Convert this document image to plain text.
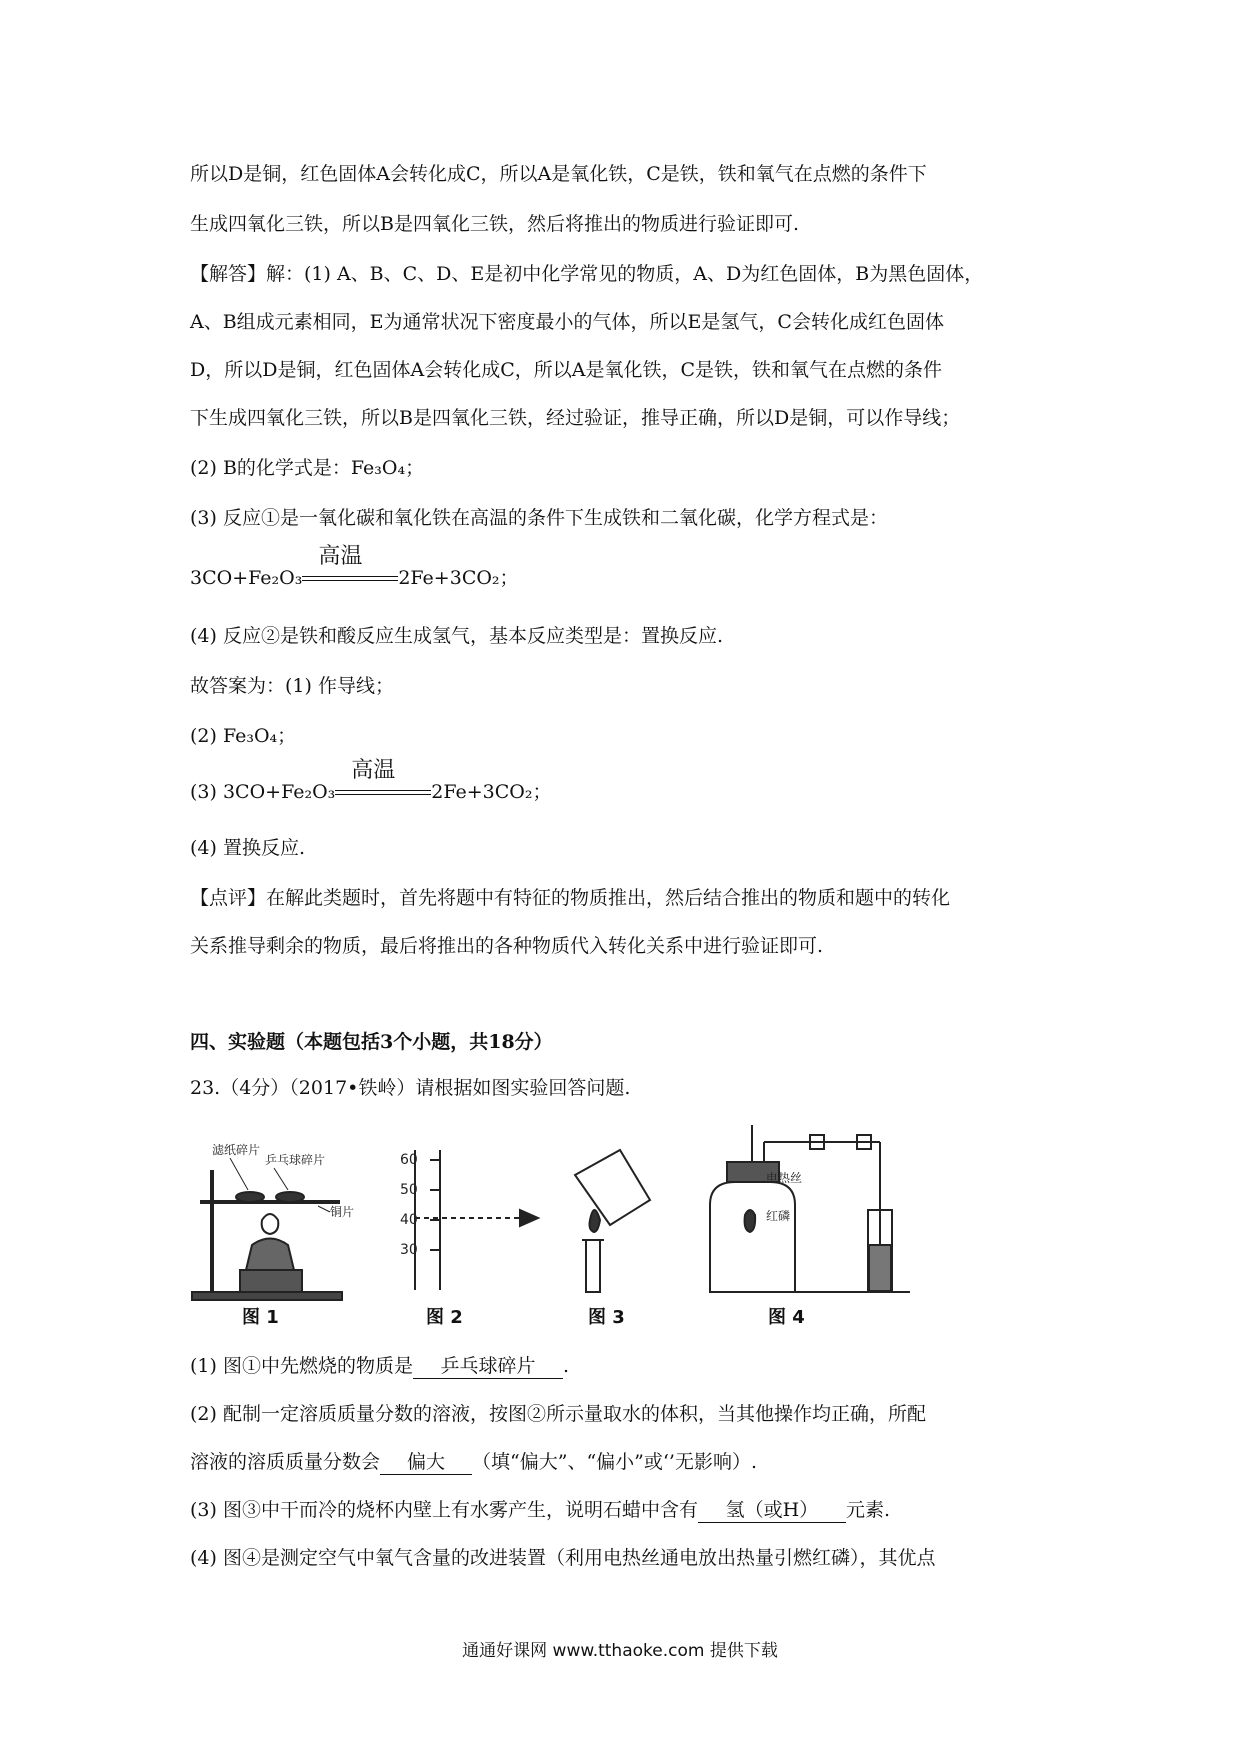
所以D是铜，红色固体A会转化成C，所以A是氧化铁，C是铁，铁和氧气在点燃的条件下
生成四氧化三铁，所以B是四氧化三铁，然后将推出的物质进行验证即可.
【解答】解：(1) A、B、C、D、E是初中化学常见的物质，A、D为红色固体，B为黑色固体，
A、B组成元素相同，E为通常状况下密度最小的气体，所以E是氢气，C会转化成红色固体
D，所以D是铜，红色固体A会转化成C，所以A是氧化铁，C是铁，铁和氧气在点燃的条件
下生成四氧化三铁，所以B是四氧化三铁，经过验证，推导正确，所以D是铜，可以作导线；
(2) B的化学式是：Fe₃O₄；
(3) 反应①是一氧化碳和氧化铁在高温的条件下生成铁和二氧化碳，化学方程式是：
3CO+Fe₂O₃
高温
2Fe+3CO₂；
(4) 反应②是铁和酸反应生成氢气，基本反应类型是：置换反应.
故答案为：(1) 作导线；
(2) Fe₃O₄；
(3) 3CO+Fe₂O₃
高温
2Fe+3CO₂；
(4) 置换反应.
【点评】在解此类题时，首先将题中有特征的物质推出，然后结合推出的物质和题中的转化
关系推导剩余的物质，最后将推出的各种物质代入转化关系中进行验证即可.
四、实验题（本题包括3个小题，共18分）
23.（4分）（2017•铁岭）请根据如图实验回答问题.
滤纸碎片
乒乓球碎片
铜片
60
50
40
30
电热丝
红磷
图 1	图 2	图 3	图 4
(1) 图①中先燃烧的物质是 乒乓球碎片 .
(2) 配制一定溶质质量分数的溶液，按图②所示量取水的体积，当其他操作均正确，所配
溶液的溶质质量分数会 偏大 （填“偏大”、“偏小”或‘’无影响）.
(3) 图③中干而冷的烧杯内壁上有水雾产生，说明石蜡中含有 氢（或H） 元素.
(4) 图④是测定空气中氧气含量的改进装置（利用电热丝通电放出热量引燃红磷），其优点
通通好课网 www.tthaoke.com 提供下载
